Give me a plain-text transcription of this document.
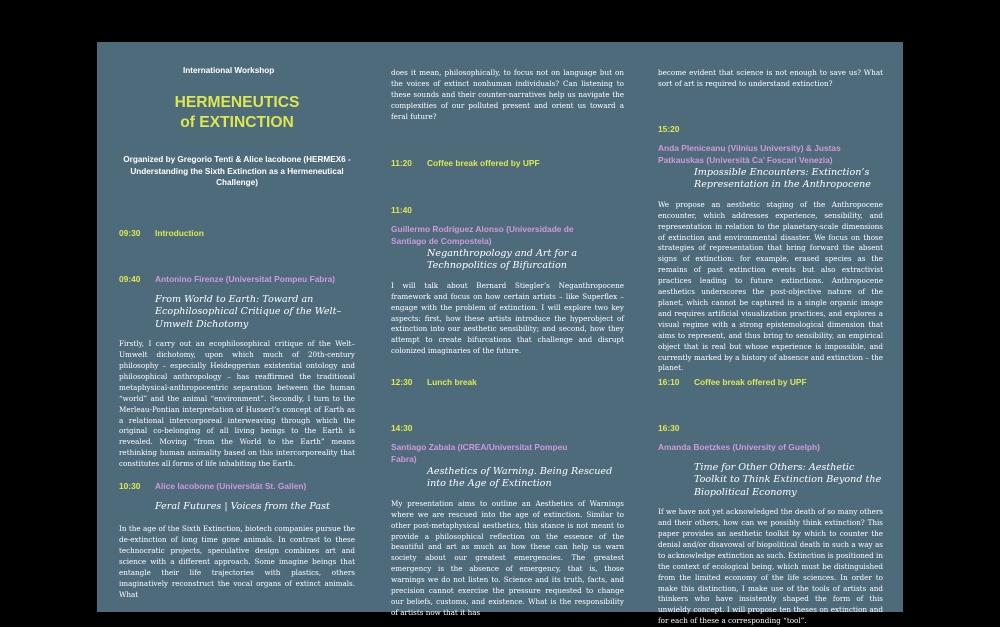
International Workshop
HERMENEUTICS
of EXTINCTION
Organized by Gregorio Tenti & Alice Iacobone (HERMEX6 - Understanding the Sixth Extinction as a Hermeneutical Challenge)
09:30 Introduction
09:40 Antonino Firenze (Universitat Pompeu Fabra)
From World to Earth: Toward an Ecophilosophical Critique of the Welt–Umwelt Dichotomy
Firstly, I carry out an ecophilosophical critique of the Welt–Umwelt dichotomy, upon which much of 20th-century philosophy – especially Heideggerian existential ontology and philosophical anthropology – has reaffirmed the traditional metaphysical-anthropocentric separation between the human “world” and the animal “environment”. Secondly, I turn to the Merleau-Pontian interpretation of Husserl’s concept of Earth as a relational intercorporeal interweaving through which the original co-belonging of all living beings to the Earth is revealed. Moving “from the World to the Earth” means rethinking human animality based on this intercorporeality that constitutes all forms of life inhabiting the Earth.
10:30 Alice Iacobone (Universität St. Gallen)
Feral Futures | Voices from the Past
In the age of the Sixth Extinction, biotech companies pursue the de-extinction of long time gone animals. In contrast to these technocratic projects, speculative design combines art and science with a different approach. Some imagine beings that entangle their life trajectories with plastics, others imaginatively reconstruct the vocal organs of extinct animals. What
does it mean, philosophically, to focus not on language but on the voices of extinct nonhuman individuals? Can listening to these sounds and their counter-narratives help us navigate the complexities of our polluted present and orient us toward a feral future?
11:20 Coffee break offered by UPF
11:40Guillermo Rodríguez Alonso (Universidade de Santiago de Compostela)
Neganthropology and Art for a Technopolitics of Bifurcation
I will talk about Bernard Stiegler’s Neganthropocene framework and focus on how certain artists – like Superflex – engage with the problem of extinction. I will explore two key aspects: first, how these artists introduce the hyperobject of extinction into our aesthetic sensibility; and second, how they attempt to create bifurcations that challenge and disrupt colonized imaginaries of the future.
12:30 Lunch break
14:30Santiago Zabala (ICREA/Universitat Pompeu Fabra)
Aesthetics of Warning. Being Rescued into the Age of Extinction
My presentation aims to outline an Aesthetics of Warnings where we are rescued into the age of extinction. Similar to other post-metaphysical aesthetics, this stance is not meant to provide a philosophical reflection on the essence of the beautiful and art as much as how these can help us warn society about our greatest emergencies. The greatest emergency is the absence of emergency, that is, those warnings we do not listen to. Science and its truth, facts, and precision cannot exercise the pressure requested to change our beliefs, customs, and existence. What is the responsibility of artists now that it has
become evident that science is not enough to save us? What sort of art is required to understand extinction?
15:20Anda Pleniceanu (Vilnius University) & Justas Patkauskas (Università Ca’ Foscari Venezia)
Impossible Encounters: Extinction’s Representation in the Anthropocene
We propose an aesthetic staging of the Anthropocene encounter, which addresses experience, sensibility, and representation in relation to the planetary-scale dimensions of extinction and environmental disaster. We focus on those strategies of representation that bring forward the absent signs of extinction: for example, erased species as the remains of past extinction events but also extractivist practices leading to future extinctions. Anthropocene aesthetics underscores the post-objective nature of the planet, which cannot be captured in a single organic image and requires artificial visualization practices, and explores a visual regime with a strong epistemological dimension that aims to represent, and thus bring to sensibility, an empirical object that is real but whose experience is impossible, and currently marked by a history of absence and extinction – the planet.
16:10 Coffee break offered by UPF
16:30Amanda Boetzkes (University of Guelph)
Time for Other Others: Aesthetic Toolkit to Think Extinction Beyond the Biopolitical Economy
If we have not yet acknowledged the death of so many others and their others, how can we possibly think extinction? This paper provides an aesthetic toolkit by which to counter the denial and/or disavowal of biopolitical death in such a way as to acknowledge extinction as such. Extinction is positioned in the context of ecological being, which must be distinguished from the limited economy of the life sciences. In order to make this distinction, I make use of the tools of artists and thinkers who have insistently shaped the form of this unwieldy concept. I will propose ten theses on extinction and for each of these a corresponding “tool”.
